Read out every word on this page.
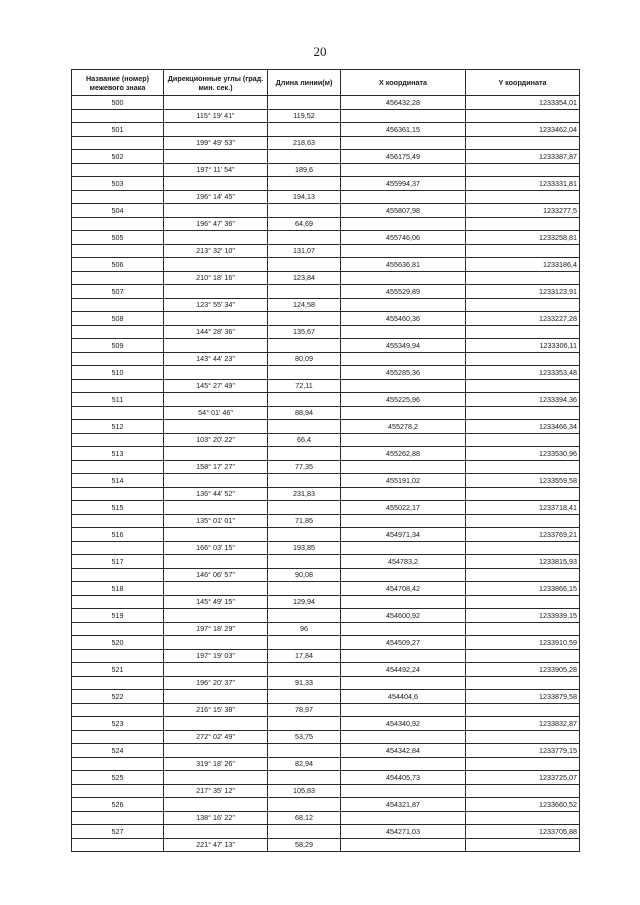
20
Название (номер) межевого знака	Дирекционные углы (град. мин. сек.)	Длина линии(м)	X координата	Y координата
500			456432,28	1233354,01
	115° 19' 41"	119,52		
501			456361,15	1233462,04
	199° 49' 53"	218,63		
502			456175,49	1233387,87
	197° 11' 54"	189,6		
503			455994,37	1233331,81
	196° 14' 45"	194,13		
504			455807,98	1233277,5
	196° 47' 36"	64,69		
505			455746,06	1233258,81
	213° 32' 10"	131,07		
506			455636,81	1233186,4
	210° 18' 16"	123,84		
507			455529,89	1233123,91
	123° 55' 34"	124,58		
508			455460,36	1233227,28
	144° 28' 36"	135,67		
509			455349,94	1233306,11
	143° 44' 23"	80,09		
510			455285,36	1233353,48
	145° 27' 49"	72,11		
511			455225,96	1233394,36
	54° 01' 46"	88,94		
512			455278,2	1233466,34
	103° 20' 22"	66,4		
513			455262,88	1233530,96
	158° 17' 27"	77,35		
514			455191,02	1233559,58
	136° 44' 52"	231,83		
515			455022,17	1233718,41
	135° 01' 01"	71,85		
516			454971,34	1233769,21
	166° 03' 15"	193,85		
517			454783,2	1233815,93
	146° 06' 57"	90,08		
518			454708,42	1233866,15
	145° 49' 15"	129,94		
519			454600,92	1233939,15
	197° 18' 29"	96		
520			454509,27	1233910,59
	197° 19' 03"	17,84		
521			454492,24	1233905,28
	196° 20' 37"	91,33		
522			454404,6	1233879,58
	216° 15' 38"	78,97		
523			454340,92	1233832,87
	272° 02' 49"	53,75		
524			454342,84	1233779,15
	319° 18' 26"	82,94		
525			454405,73	1233725,07
	217° 35' 12"	105,83		
526			454321,87	1233660,52
	138° 16' 22"	68,12		
527			454271,03	1233705,88
	221° 47' 13"	58,29		
